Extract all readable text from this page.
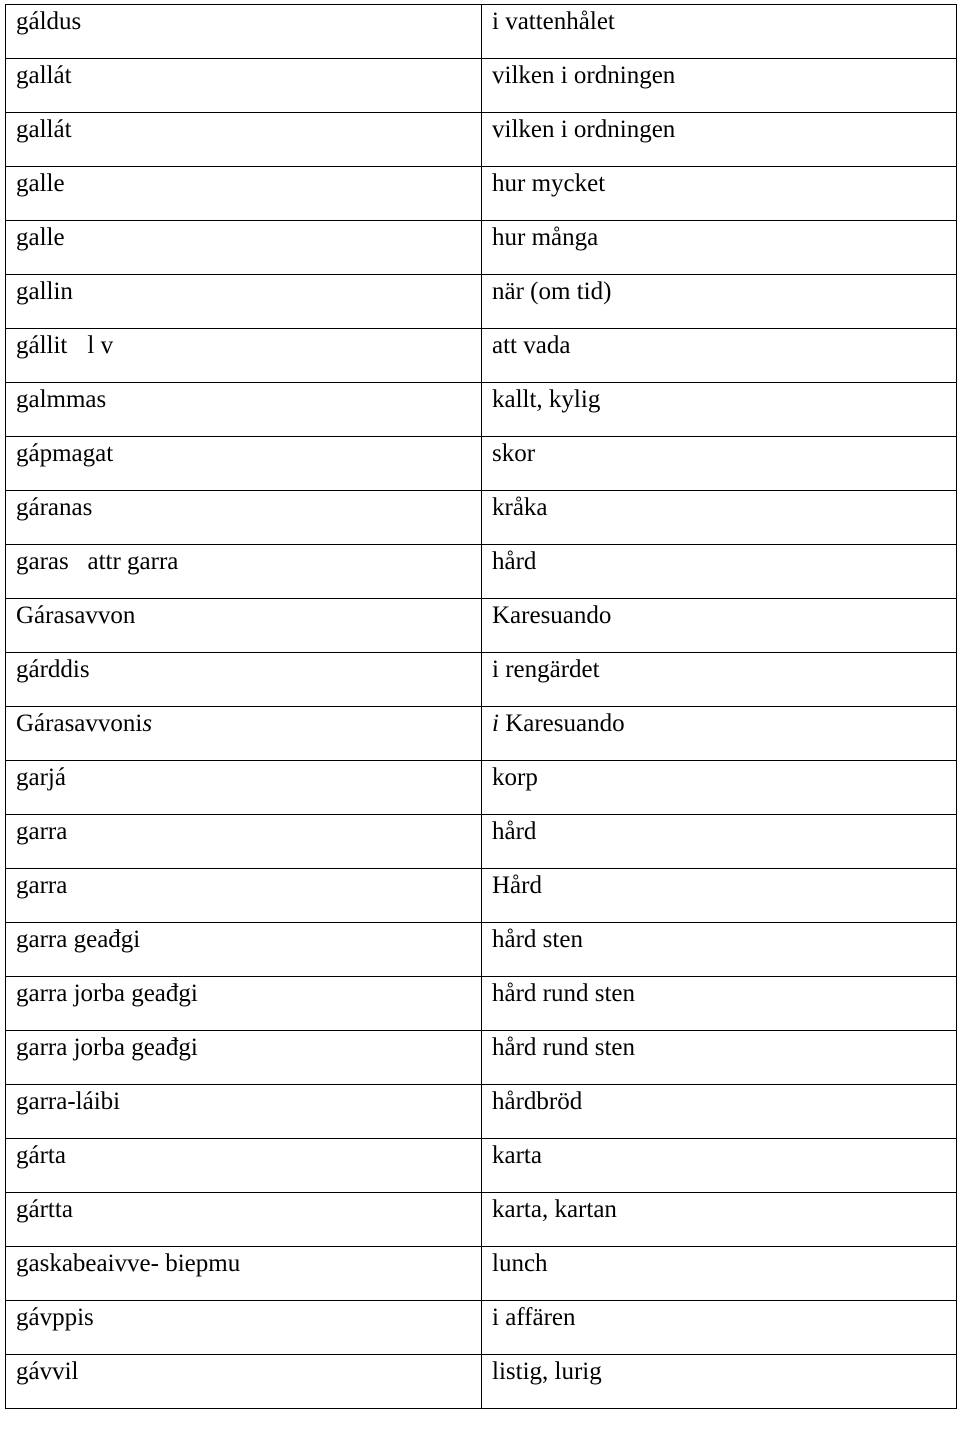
gáldus	i vattenhålet
gallát	vilken i ordningen
gallát	vilken i ordningen
galle	hur mycket
galle	hur många
gallin	när (om tid)
gállit l v	att vada
galmmas	kallt, kylig
gápmagat	skor
gáranas	kråka
garas   attr garra	hård
Gárasavvon	Karesuando
gárddis	i rengärdet
Gárasavvonis	i Karesuando
garjá	korp
garra	hård
garra	Hård
garra geađgi	hård sten
garra jorba geađgi	hård rund sten
garra jorba geađgi	hård rund sten
garra-láibi	hårdbröd
gárta	karta
gártta	karta, kartan
gaskabeaivve- biepmu	lunch
gávppis	i affären
gávvil	listig, lurig
